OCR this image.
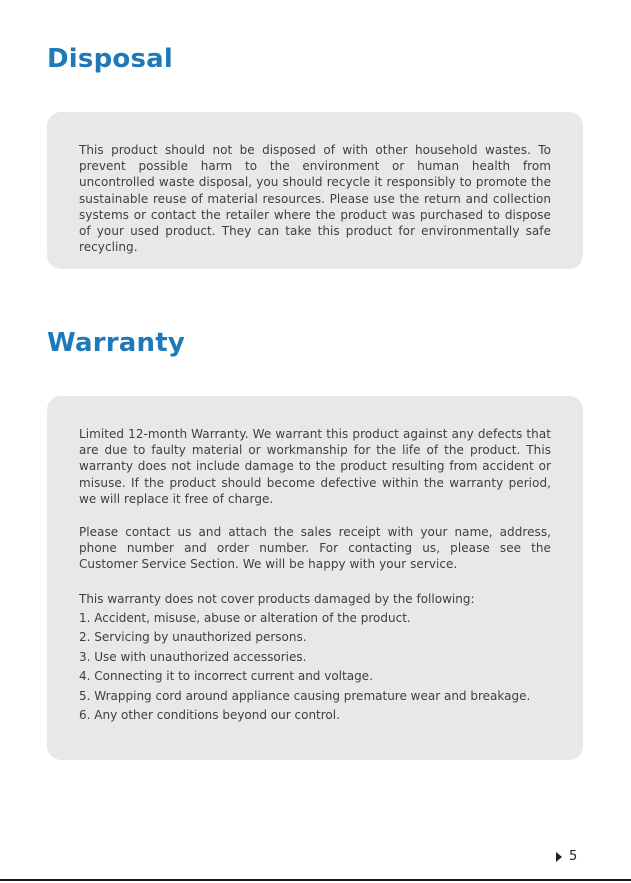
Disposal

This product should not be disposed of with other household wastes. To prevent possible harm to the environment or human health from uncontrolled waste disposal, you should recycle it responsibly to promote the sustainable reuse of material resources. Please use the return and collection systems or contact the retailer where the product was purchased to dispose of your used product. They can take this product for environmentally safe recycling.

Warranty

Limited 12-month Warranty. We warrant this product against any defects that are due to faulty material or workmanship for the life of the product. This warranty does not include damage to the product resulting from accident or misuse. If the product should become defective within the warranty period, we will replace it free of charge.

Please contact us and attach the sales receipt with your name, address, phone number and order number. For contacting us, please see the Customer Service Section. We will be happy with your service.

This warranty does not cover products damaged by the following:

1. Accident, misuse, abuse or alteration of the product.
2. Servicing by unauthorized persons.
3. Use with unauthorized accessories.
4. Connecting it to incorrect current and voltage.
5. Wrapping cord around appliance causing premature wear and breakage.
6. Any other conditions beyond our control.
5
